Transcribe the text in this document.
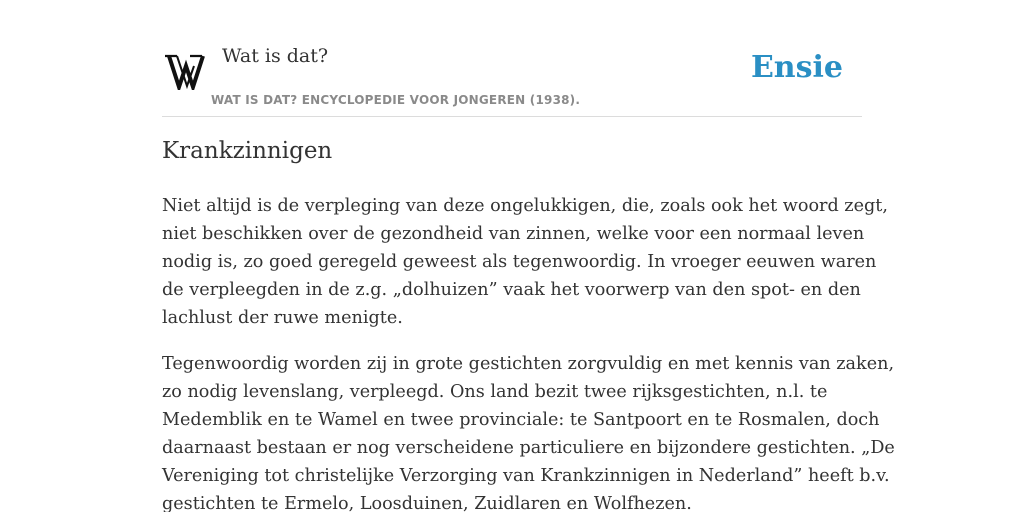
Wat is dat?
WAT IS DAT? ENCYCLOPEDIE VOOR JONGEREN (1938).
Ensie
Krankzinnigen

Niet altijd is de verpleging van deze ongelukkigen, die, zoals ook het woord zegt,
niet beschikken over de gezondheid van zinnen, welke voor een normaal leven
nodig is, zo goed geregeld geweest als tegenwoordig. In vroeger eeuwen waren
de verpleegden in de z.g. „dolhuizen” vaak het voorwerp van den spot- en den
lachlust der ruwe menigte.

Tegenwoordig worden zij in grote gestichten zorgvuldig en met kennis van zaken,
zo nodig levenslang, verpleegd. Ons land bezit twee rijksgestichten, n.l. te
Medemblik en te Wamel en twee provinciale: te Santpoort en te Rosmalen, doch
daarnaast bestaan er nog verscheidene particuliere en bijzondere gestichten. „De
Vereniging tot christelijke Verzorging van Krankzinnigen in Nederland” heeft b.v.
gestichten te Ermelo, Loosduinen, Zuidlaren en Wolfhezen.
